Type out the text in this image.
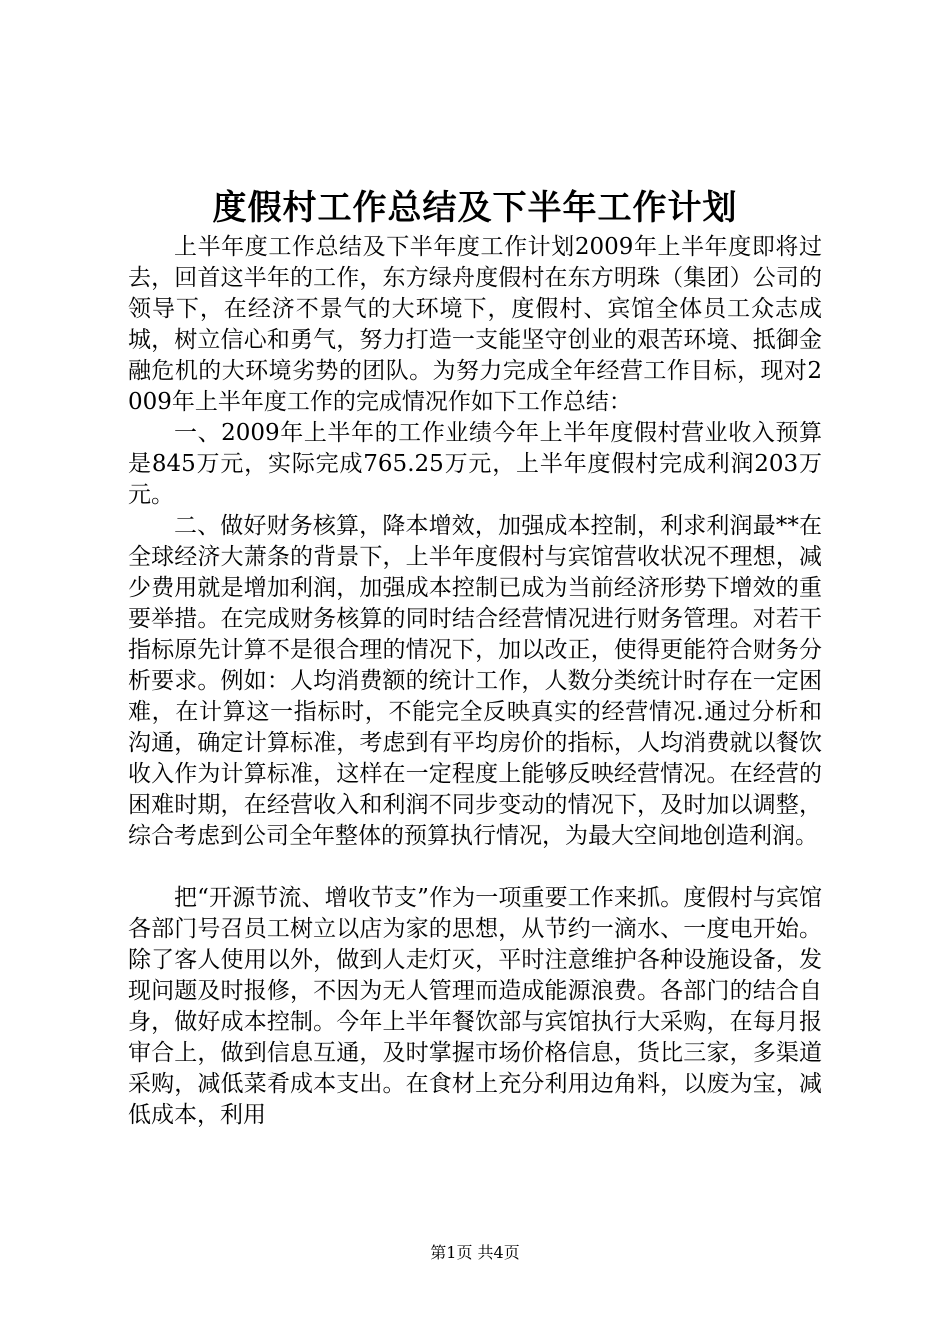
度假村工作总结及下半年工作计划

上半年度工作总结及下半年度工作计划2009年上半年度即将过去，回首这半年的工作，东方绿舟度假村在东方明珠（集团）公司的领导下，在经济不景气的大环境下，度假村、宾馆全体员工众志成城，树立信心和勇气，努力打造一支能坚守创业的艰苦环境、抵御金融危机的大环境劣势的团队。为努力完成全年经营工作目标，现对2009年上半年度工作的完成情况作如下工作总结：

一、2009年上半年的工作业绩今年上半年度假村营业收入预算是845万元，实际完成765.25万元，上半年度假村完成利润203万元。

二、做好财务核算，降本增效，加强成本控制，利求利润最**在全球经济大萧条的背景下，上半年度假村与宾馆营收状况不理想，减少费用就是增加利润，加强成本控制已成为当前经济形势下增效的重要举措。在完成财务核算的同时结合经营情况进行财务管理。对若干指标原先计算不是很合理的情况下，加以改正，使得更能符合财务分析要求。例如：人均消费额的统计工作，人数分类统计时存在一定困难，在计算这一指标时，不能完全反映真实的经营情况.通过分析和沟通，确定计算标准，考虑到有平均房价的指标，人均消费就以餐饮收入作为计算标准，这样在一定程度上能够反映经营情况。在经营的困难时期，在经营收入和利润不同步变动的情况下，及时加以调整，综合考虑到公司全年整体的预算执行情况，为最大空间地创造利润。

把“开源节流、增收节支”作为一项重要工作来抓。度假村与宾馆各部门号召员工树立以店为家的思想，从节约一滴水、一度电开始。除了客人使用以外，做到人走灯灭，平时注意维护各种设施设备，发现问题及时报修，不因为无人管理而造成能源浪费。各部门的结合自身，做好成本控制。今年上半年餐饮部与宾馆执行大采购，在每月报审合上，做到信息互通，及时掌握市场价格信息，货比三家，多渠道采购，减低菜肴成本支出。在食材上充分利用边角料，以废为宝，减低成本，利用

第1页 共4页
